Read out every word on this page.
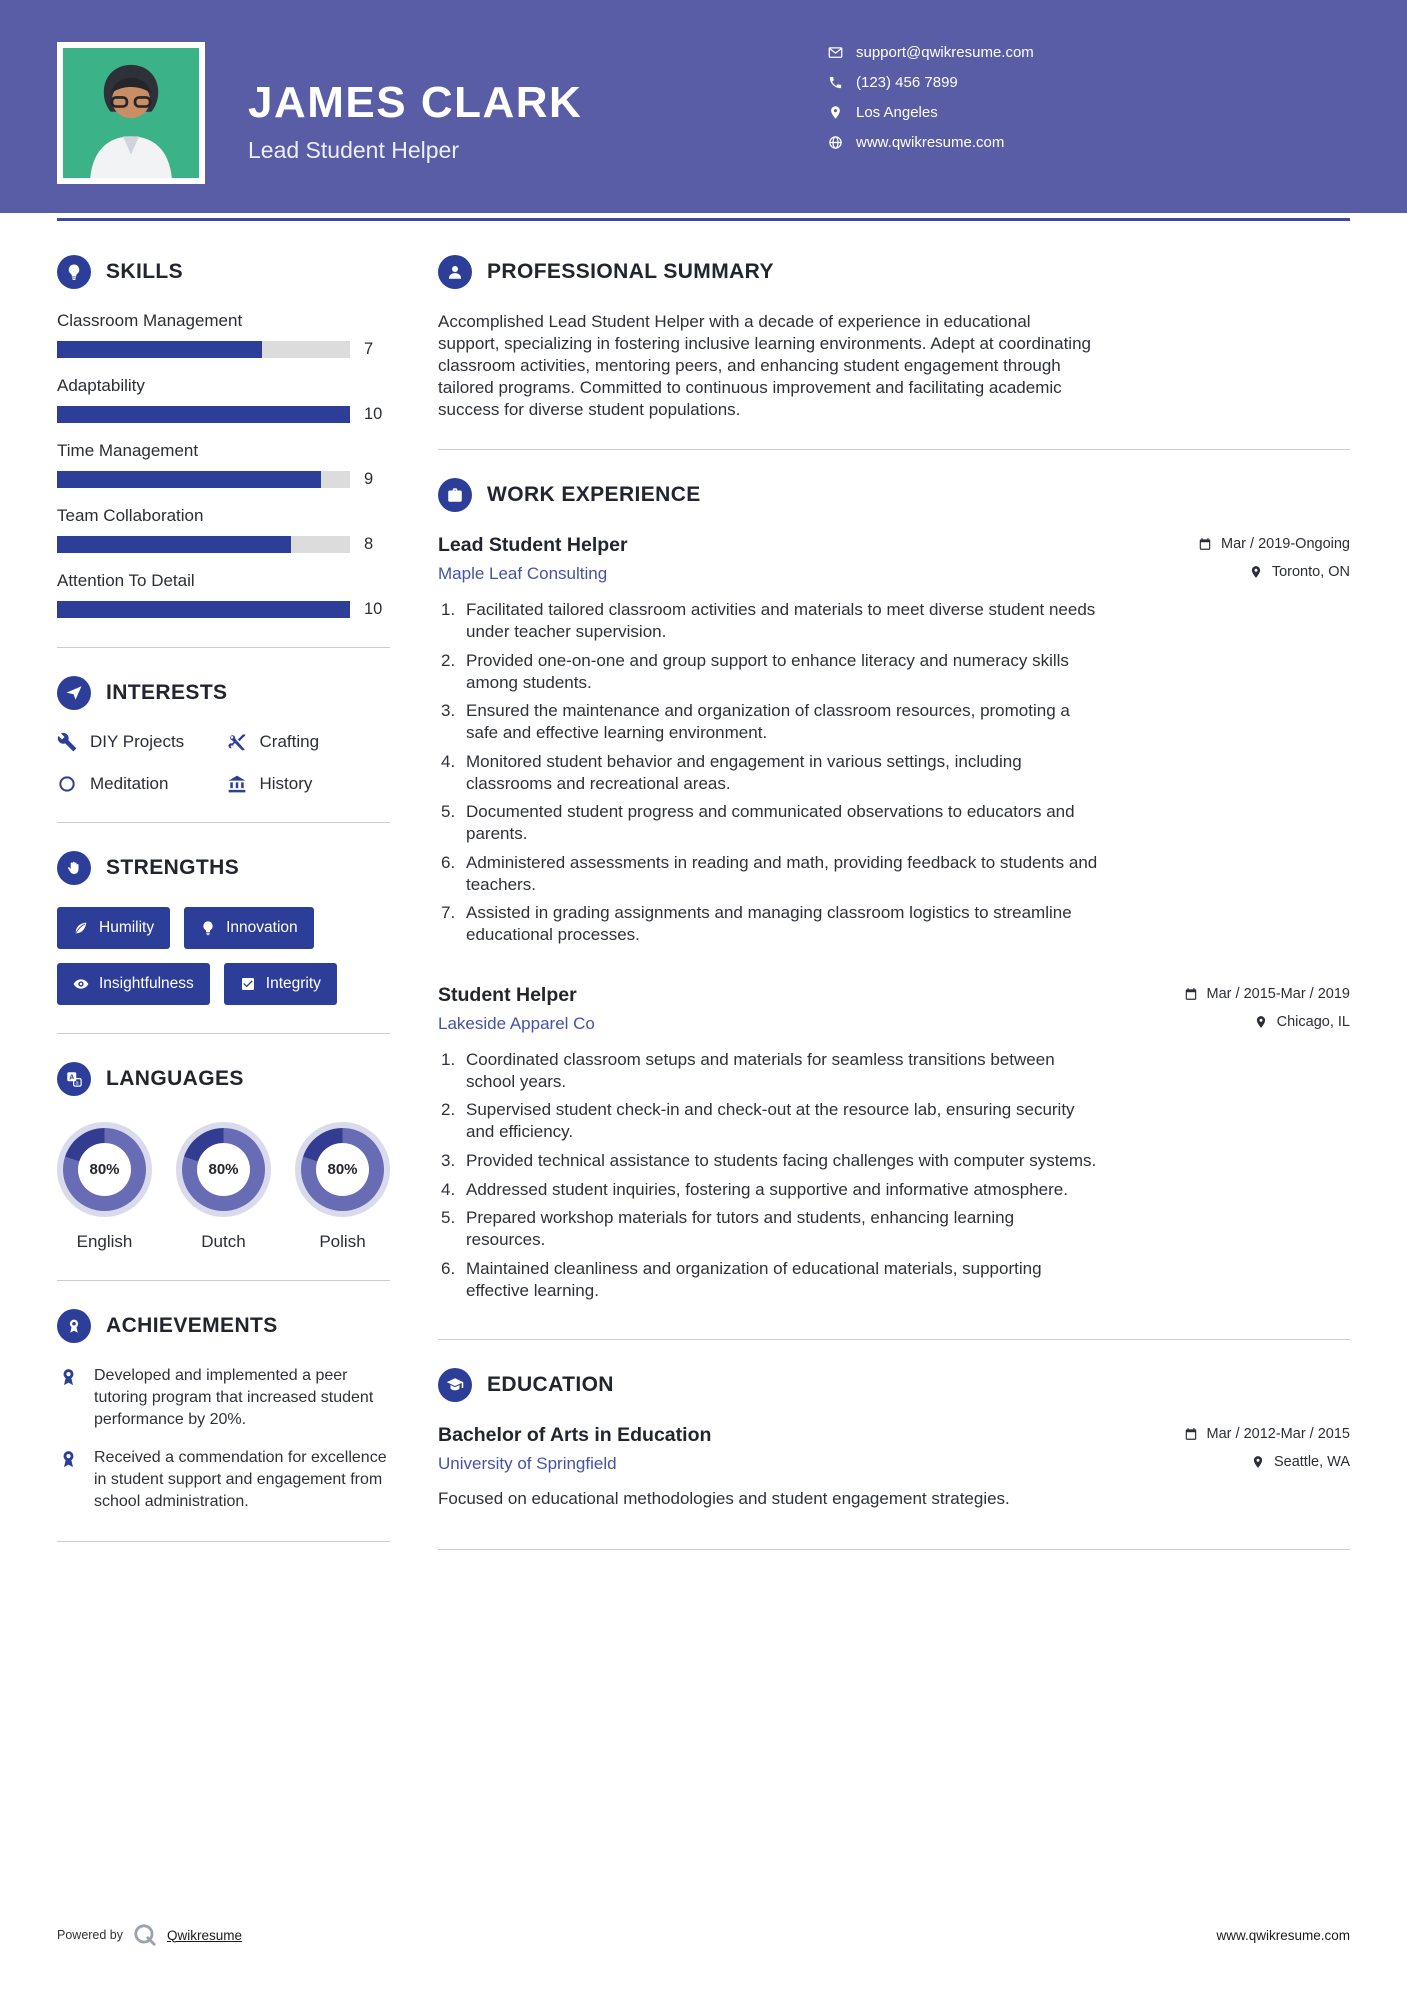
JAMES CLARK
Lead Student Helper
support@qwikresume.com
(123) 456 7899
Los Angeles
www.qwikresume.com
SKILLS
Classroom Management
7
Adaptability
10
Time Management
9
Team Collaboration
8
Attention To Detail
10
INTERESTS
DIY Projects	Crafting
Meditation	History
STRENGTHS
Humility	Innovation
Insightfulness	Integrity
A
a LANGUAGES
80%
English
80%
Dutch
80%
Polish
ACHIEVEMENTS
Developed and implemented a peer tutoring program that increased student performance by 20%.
Received a commendation for excellence in student support and engagement from school administration.
PROFESSIONAL SUMMARY

Accomplished Lead Student Helper with a decade of experience in educational support, specializing in fostering inclusive learning environments. Adept at coordinating classroom activities, mentoring peers, and enhancing student engagement through tailored programs. Committed to continuous improvement and facilitating academic success for diverse student populations.

WORK EXPERIENCE
Lead Student Helper	Mar / 2019-Ongoing
Maple Leaf Consulting	Toronto, ON
Facilitated tailored classroom activities and materials to meet diverse student needs under teacher supervision.
Provided one-on-one and group support to enhance literacy and numeracy skills among students.
Ensured the maintenance and organization of classroom resources, promoting a safe and effective learning environment.
Monitored student behavior and engagement in various settings, including classrooms and recreational areas.
Documented student progress and communicated observations to educators and parents.
Administered assessments in reading and math, providing feedback to students and teachers.
Assisted in grading assignments and managing classroom logistics to streamline educational processes.
Student Helper	Mar / 2015-Mar / 2019
Lakeside Apparel Co	Chicago, IL
Coordinated classroom setups and materials for seamless transitions between school years.
Supervised student check-in and check-out at the resource lab, ensuring security and efficiency.
Provided technical assistance to students facing challenges with computer systems.
Addressed student inquiries, fostering a supportive and informative atmosphere.
Prepared workshop materials for tutors and students, enhancing learning resources.
Maintained cleanliness and organization of educational materials, supporting effective learning.
EDUCATION
Bachelor of Arts in Education	Mar / 2012-Mar / 2015
University of Springfield	Seattle, WA

Focused on educational methodologies and student engagement strategies.

Powered by	Qwikresume	www.qwikresume.com
